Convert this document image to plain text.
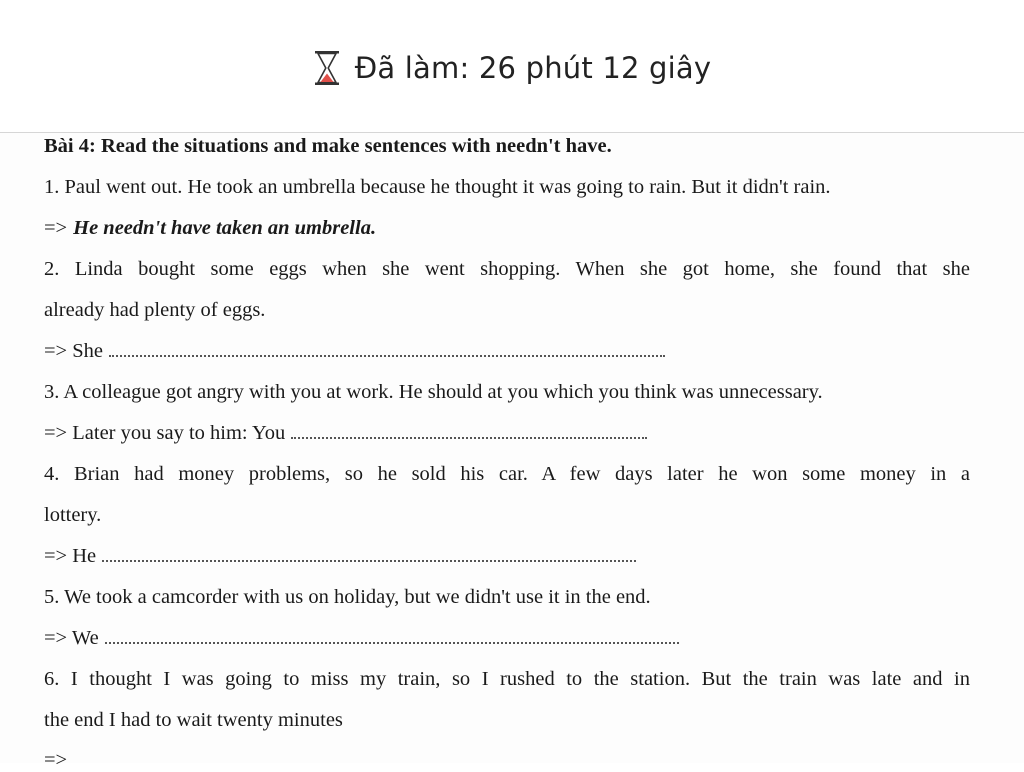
Đã làm: 26 phút 12 giây
Bài 4: Read the situations and make sentences with needn't have.
1. Paul went out. He took an umbrella because he thought it was going to rain. But it didn't rain.
=> He needn't have taken an umbrella.
2. Linda bought some eggs when she went shopping. When she got home, she found that she
already had plenty of eggs.
=> She
3. A colleague got angry with you at work. He should at you which you think was unnecessary.
=> Later you say to him: You
4. Brian had money problems, so he sold his car. A few days later he won some money in a
lottery.
=> He
5. We took a camcorder with us on holiday, but we didn't use it in the end.
=> We
6. I thought I was going to miss my train, so I rushed to the station. But the train was late and in
the end I had to wait twenty minutes
=>
